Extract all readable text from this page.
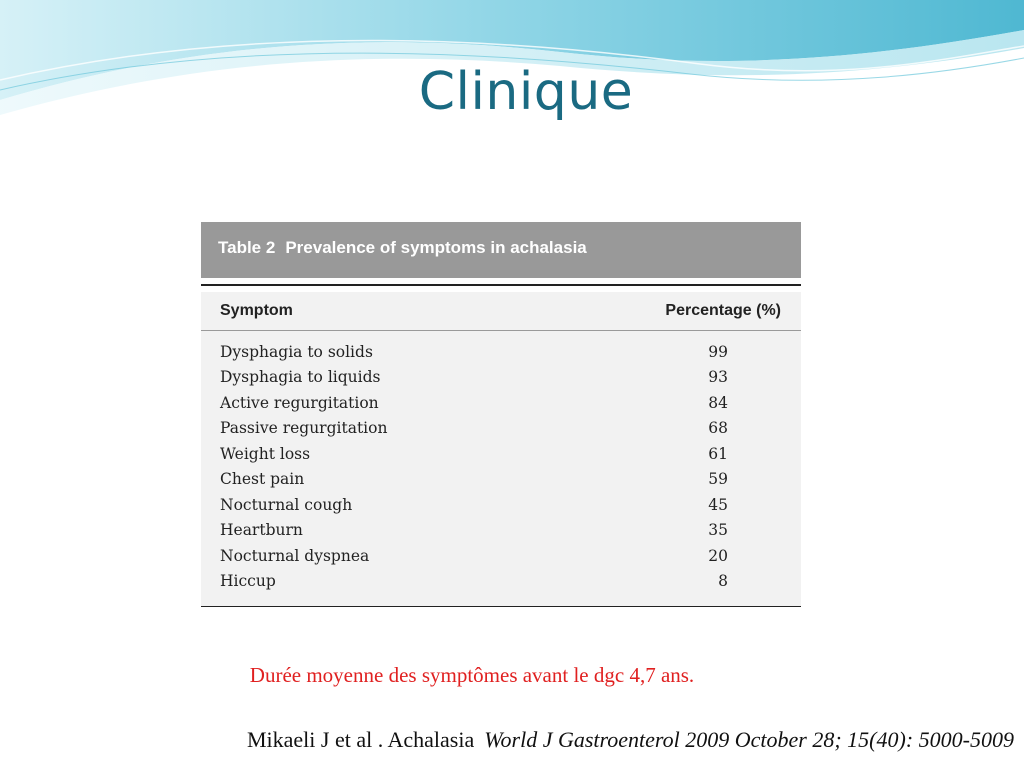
Clinique
Table 2 Prevalence of symptoms in achalasia
Symptom	Percentage (%)
Dysphagia to solids	99
Dysphagia to liquids	93
Active regurgitation	84
Passive regurgitation	68
Weight loss	61
Chest pain	59
Nocturnal cough	45
Heartburn	35
Nocturnal dyspnea	20
Hiccup	8
Durée moyenne des symptômes avant le dgc 4,7 ans.
Mikaeli J et al . Achalasia World J Gastroenterol 2009 October 28; 15(40): 5000-5009
